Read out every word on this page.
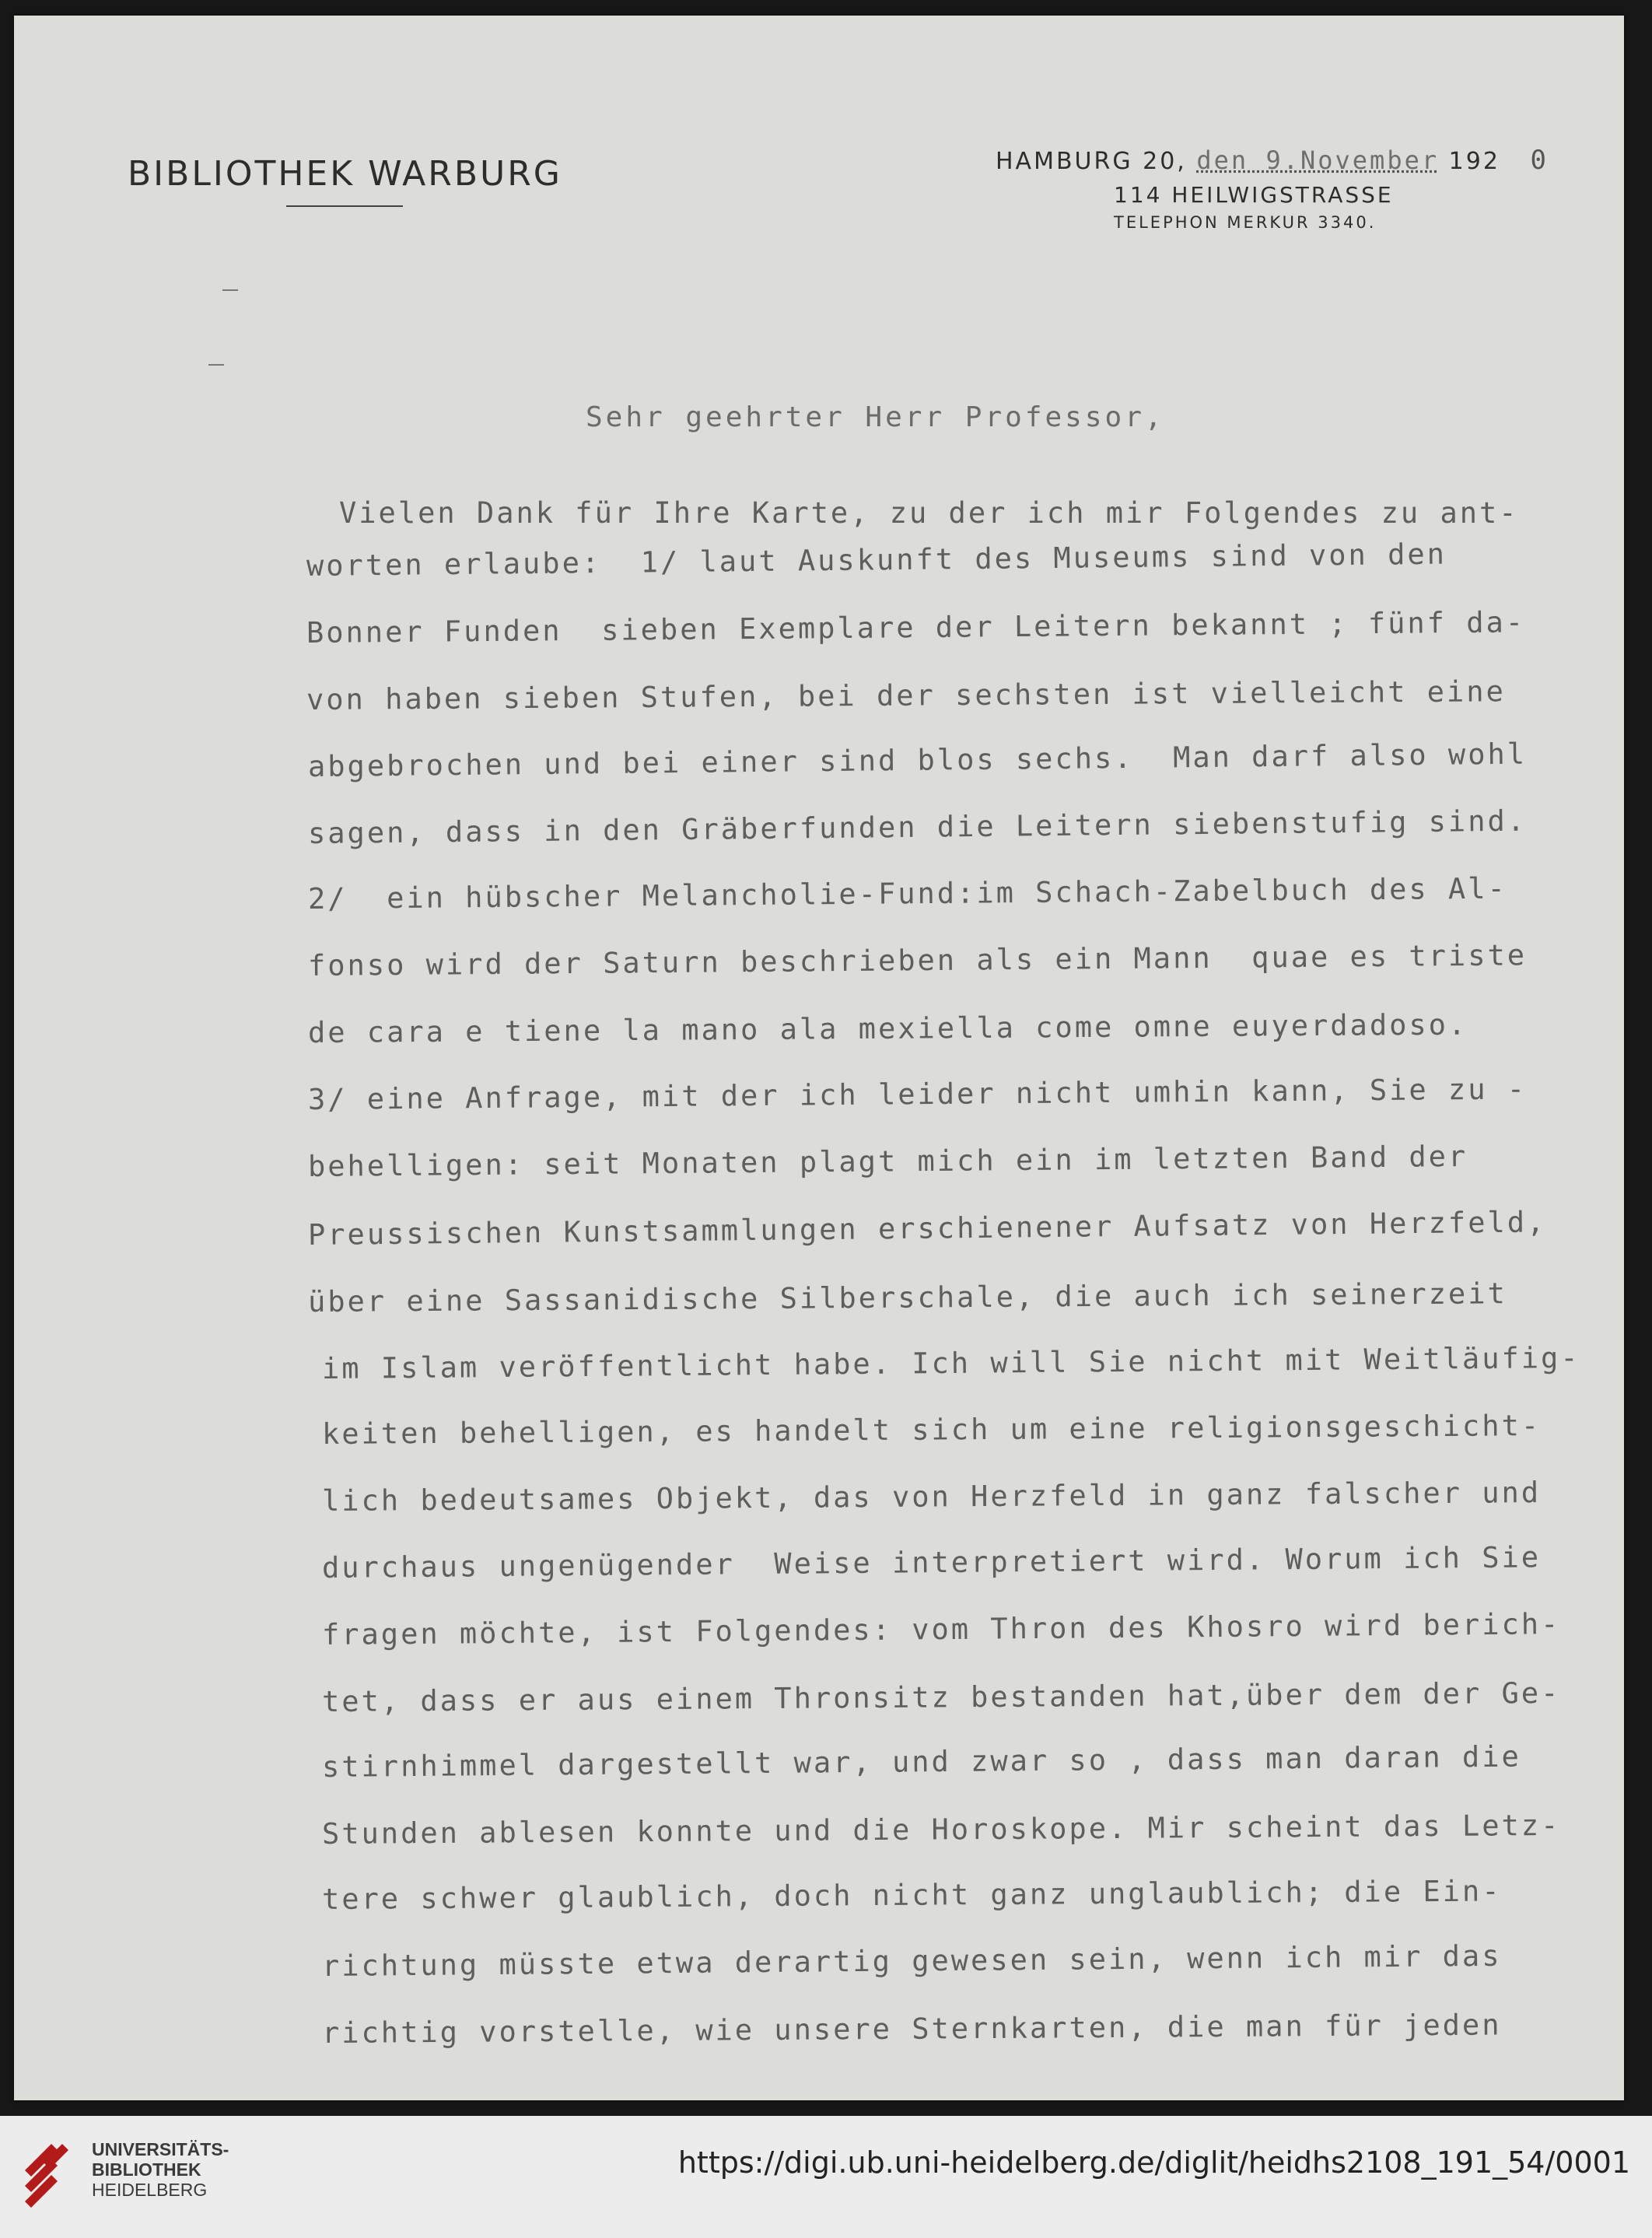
BIBLIOTHEK WARBURG	HAMBURG 20, den 9.November 192 0
114 HEILWIGSTRASSE
TELEPHON MERKUR 3340.
Sehr geehrter Herr Professor,
Vielen Dank für Ihre Karte, zu der ich mir Folgendes zu ant-
worten erlaube:  1/ laut Auskunft des Museums sind von den
Bonner Funden  sieben Exemplare der Leitern bekannt ; fünf da-
von haben sieben Stufen, bei der sechsten ist vielleicht eine
abgebrochen und bei einer sind blos sechs.  Man darf also wohl
sagen, dass in den Gräberfunden die Leitern siebenstufig sind.
2/  ein hübscher Melancholie-Fund:im Schach-Zabelbuch des Al-
fonso wird der Saturn beschrieben als ein Mann  quae es triste
de cara e tiene la mano ala mexiella come omne euyerdadoso.
3/ eine Anfrage, mit der ich leider nicht umhin kann, Sie zu -
behelligen: seit Monaten plagt mich ein im letzten Band der
Preussischen Kunstsammlungen erschienener Aufsatz von Herzfeld,
über eine Sassanidische Silberschale, die auch ich seinerzeit
im Islam veröffentlicht habe. Ich will Sie nicht mit Weitläufig-
keiten behelligen, es handelt sich um eine religionsgeschicht-
lich bedeutsames Objekt, das von Herzfeld in ganz falscher und
durchaus ungenügender  Weise interpretiert wird. Worum ich Sie
fragen möchte, ist Folgendes: vom Thron des Khosro wird berich-
tet, dass er aus einem Thronsitz bestanden hat,über dem der Ge-
stirnhimmel dargestellt war, und zwar so , dass man daran die
Stunden ablesen konnte und die Horoskope. Mir scheint das Letz-
tere schwer glaublich, doch nicht ganz unglaublich; die Ein-
richtung müsste etwa derartig gewesen sein, wenn ich mir das
richtig vorstelle, wie unsere Sternkarten, die man für jeden
UNIVERSITÄTS-
BIBLIOTHEK
HEIDELBERG
https://digi.ub.uni-heidelberg.de/diglit/heidhs2108_191_54/0001
